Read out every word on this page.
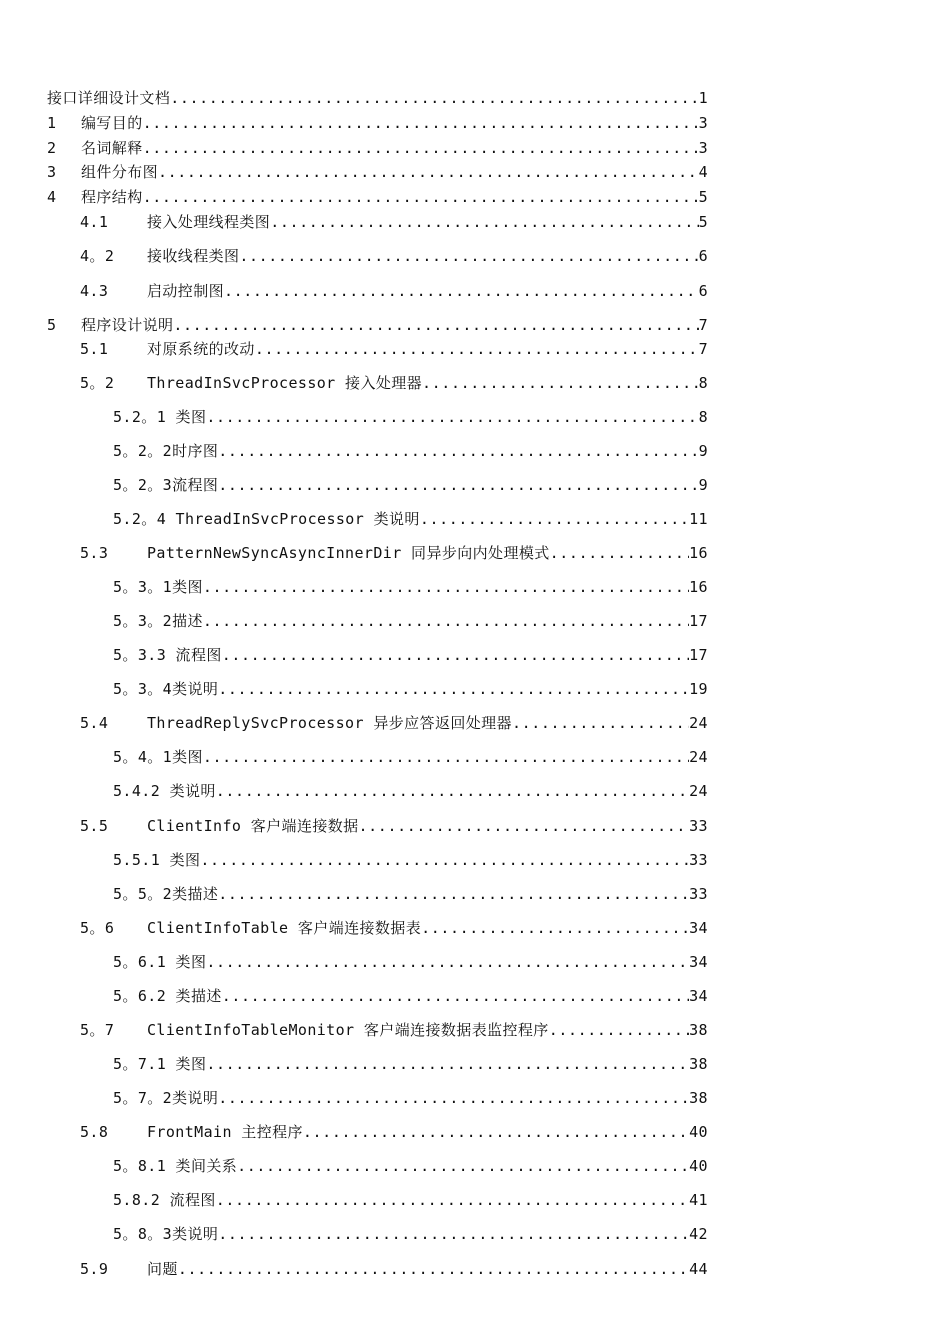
接口详细设计文档 .....	1
1	编写目的 .....	3
2	名词解释 .....	3
3	组件分布图 .....	4
4	程序结构 .....	5
4.1	接入处理线程类图 .....	5
4。2	接收线程类图 .....	6
4.3	启动控制图 .....	6
5	程序设计说明 .....	7
5.1	对原系统的改动 .....	7
5。2	ThreadInSvcProcessor 接入处理器 .....	8
5.2。1 类图 .....	8
5。2。2时序图 .....	9
5。2。3流程图 .....	9
5.2。4 ThreadInSvcProcessor 类说明 .....	11
5.3	PatternNewSyncAsyncInnerDir 同异步向内处理模式 .....	16
5。3。1类图 .....	16
5。3。2描述 .....	17
5。3.3 流程图 .....	17
5。3。4类说明 .....	19
5.4	ThreadReplySvcProcessor 异步应答返回处理器 .....	24
5。4。1类图 .....	24
5.4.2 类说明 .....	24
5.5	ClientInfo 客户端连接数据 .....	33
5.5.1 类图 .....	33
5。5。2类描述 .....	33
5。6	ClientInfoTable 客户端连接数据表 .....	34
5。6.1 类图 .....	34
5。6.2 类描述 .....	34
5。7	ClientInfoTableMonitor 客户端连接数据表监控程序 .....	38
5。7.1 类图 .....	38
5。7。2类说明 .....	38
5.8	FrontMain 主控程序 .....	40
5。8.1 类间关系 .....	40
5.8.2 流程图 .....	41
5。8。3类说明 .....	42
5.9	问题 .....	44
